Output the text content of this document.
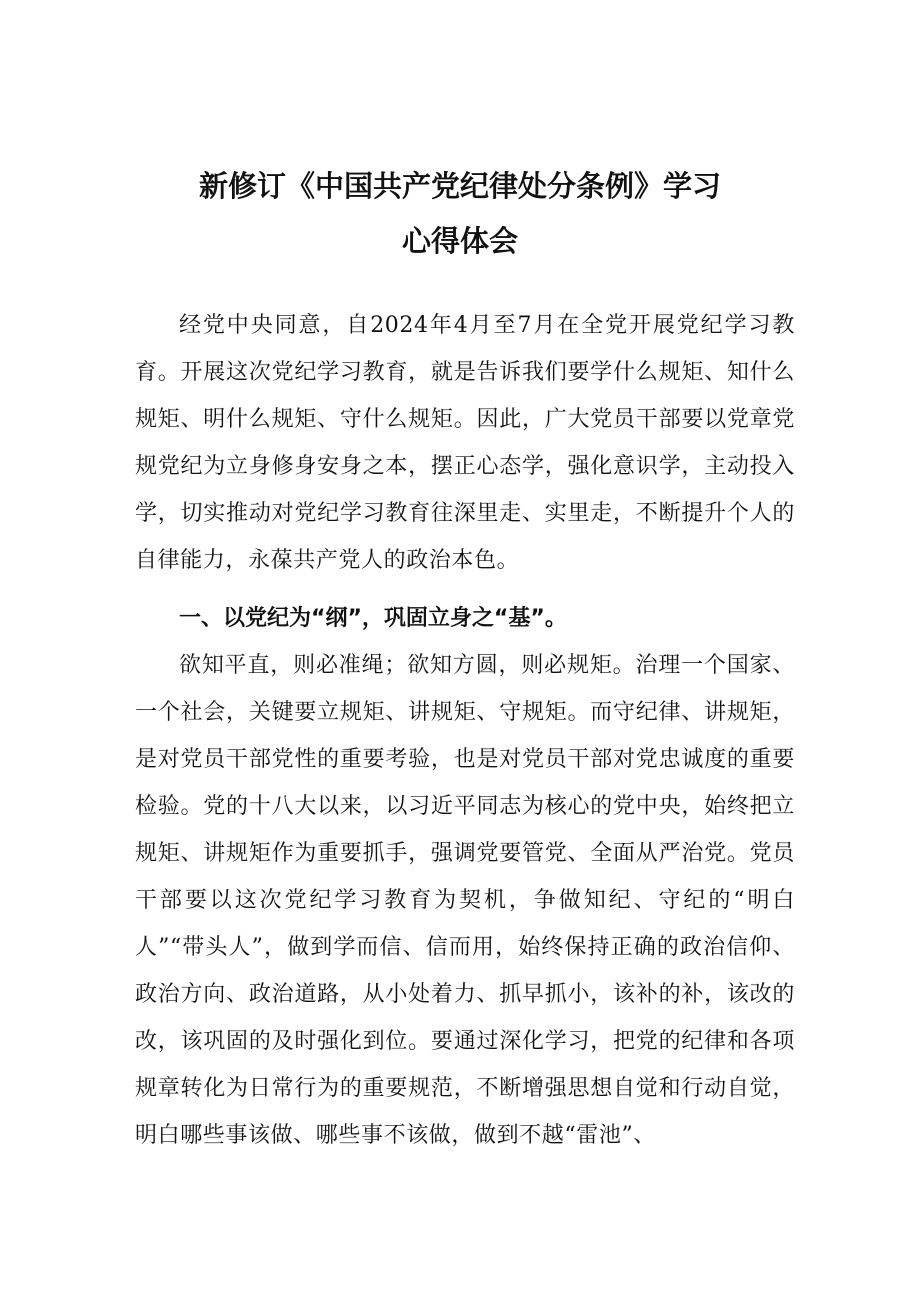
新修订《中国共产党纪律处分条例》学习
心得体会

经党中央同意，自2024年4月至7月在全党开展党纪学习教育。开展这次党纪学习教育，就是告诉我们要学什么规矩、知什么规矩、明什么规矩、守什么规矩。因此，广大党员干部要以党章党规党纪为立身修身安身之本，摆正心态学，强化意识学，主动投入学，切实推动对党纪学习教育往深里走、实里走，不断提升个人的自律能力，永葆共产党人的政治本色。

一、以党纪为“纲”，巩固立身之“基”。

欲知平直，则必准绳；欲知方圆，则必规矩。治理一个国家、一个社会，关键要立规矩、讲规矩、守规矩。而守纪律、讲规矩，是对党员干部党性的重要考验，也是对党员干部对党忠诚度的重要检验。党的十八大以来，以习近平同志为核心的党中央，始终把立规矩、讲规矩作为重要抓手，强调党要管党、全面从严治党。党员干部要以这次党纪学习教育为契机，争做知纪、守纪的“明白人”“带头人”，做到学而信、信而用，始终保持正确的政治信仰、政治方向、政治道路，从小处着力、抓早抓小，该补的补，该改的改，该巩固的及时强化到位。要通过深化学习，把党的纪律和各项规章转化为日常行为的重要规范，不断增强思想自觉和行动自觉，明白哪些事该做、哪些事不该做，做到不越“雷池”、
